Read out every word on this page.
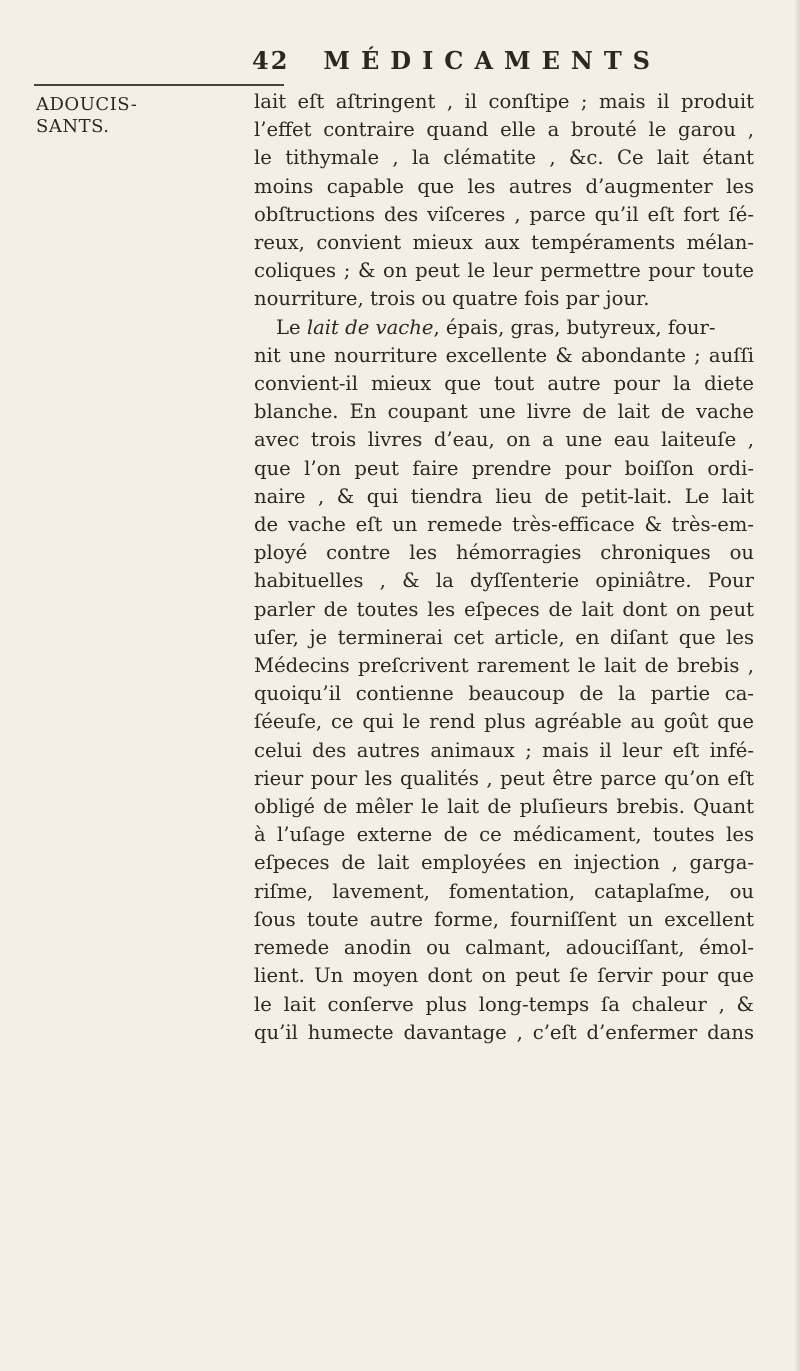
42 MÉDICAMENTS
ADOUCIS-
SANTS.
lait eſt aſtringent , il conſtipe ; mais il produit
l’effet contraire quand elle a brouté le garou ,
le tithymale , la clématite , &c. Ce lait étant
moins capable que les autres d’augmenter les
obſtructions des viſceres , parce qu’il eſt fort ſé-
reux, convient mieux aux tempéraments mélan-
coliques ; & on peut le leur permettre pour toute
nourriture, trois ou quatre fois par jour.
Le lait de vache, épais, gras, butyreux, four-
nit une nourriture excellente & abondante ; auſſi
convient-il mieux que tout autre pour la diete
blanche. En coupant une livre de lait de vache
avec trois livres d’eau, on a une eau laiteuſe ,
que l’on peut faire prendre pour boiſſon ordi-
naire , & qui tiendra lieu de petit-lait. Le lait
de vache eſt un remede très-efficace & très-em-
ployé contre les hémorragies chroniques ou
habituelles , & la dyſſenterie opiniâtre. Pour
parler de toutes les eſpeces de lait dont on peut
uſer, je terminerai cet article, en diſant que les
Médecins preſcrivent rarement le lait de brebis ,
quoiqu’il contienne beaucoup de la partie ca-
ſéeuſe, ce qui le rend plus agréable au goût que
celui des autres animaux ; mais il leur eſt infé-
rieur pour les qualités , peut être parce qu’on eſt
obligé de mêler le lait de pluſieurs brebis. Quant
à l’uſage externe de ce médicament, toutes les
eſpeces de lait employées en injection , garga-
riſme, lavement, fomentation, cataplaſme, ou
ſous toute autre forme, fourniſſent un excellent
remede anodin ou calmant, adouciſſant, émol-
lient. Un moyen dont on peut ſe ſervir pour que
le lait conſerve plus long-temps ſa chaleur , &
qu’il humecte davantage , c’eſt d’enfermer dans
